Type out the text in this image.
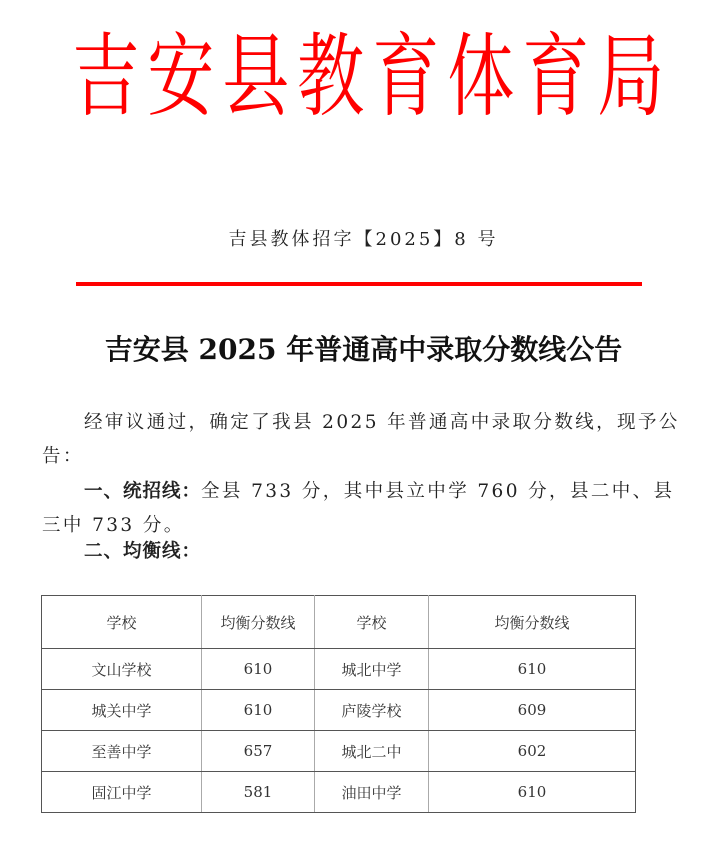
吉 安 县 教 育 体 育 局
吉县教体招字【2025】8 号
吉安县 2025 年普通高中录取分数线公告
经审议通过，确定了我县 2025 年普通高中录取分数线，现予公告：
一、统招线：全县 733 分，其中县立中学 760 分，县二中、县三中 733 分。
二、均衡线：
学校	均衡分数线	学校	均衡分数线
文山学校	610	城北中学	610
城关中学	610	庐陵学校	609
至善中学	657	城北二中	602
固江中学	581	油田中学	610
